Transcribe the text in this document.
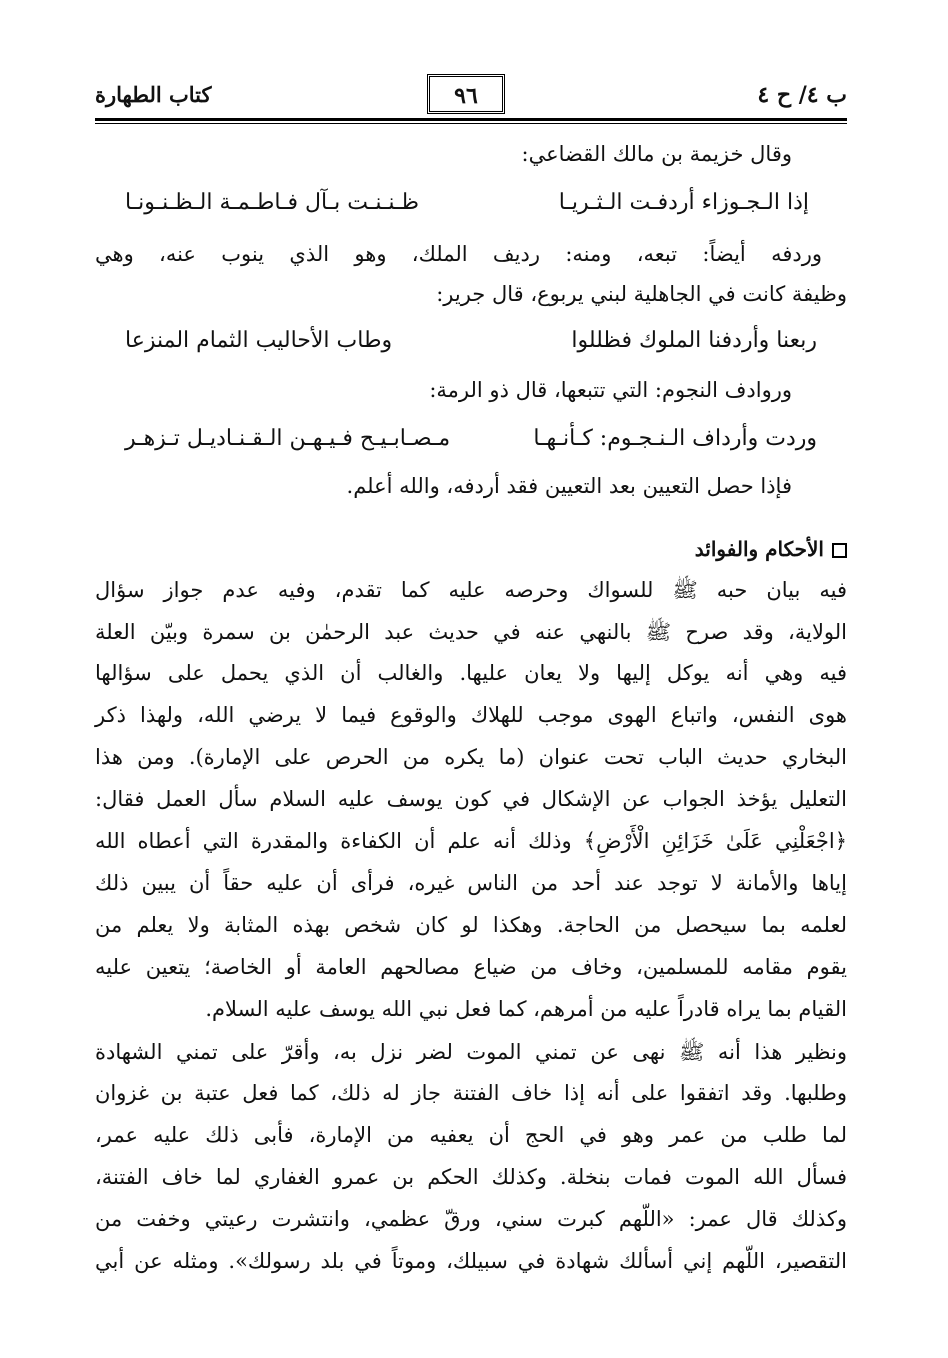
ب ٤/ ح ٤
٩٦
كتاب الطهارة
وقال خزيمة بن مالك القضاعي:
إذا الـجـوزاء أردفـت الـثـريـا
ظـنـنـت بـآل فـاطـمـة الـظـنـونـا
وردفه أيضاً: تبعه، ومنه: رديف الملك، وهو الذي ينوب عنه، وهي
وظيفة كانت في الجاهلية لبني يربوع، قال جرير:
ربعنا وأردفنا الملوك فظللوا
وطاب الأحاليب الثمام المنزعا
وروادف النجوم: التي تتبعها، قال ذو الرمة:
وردت وأرداف الـنـجـوم: كـأنـهـا
مـصـابـيـح فـيـهـن الـقـنـاديـل تـزهـر
فإذا حصل التعيين بعد التعيين فقد أردفه، والله أعلم.
الأحكام والفوائد
فيه بيان حبه ﷺ للسواك وحرصه عليه كما تقدم، وفيه عدم جواز سؤال
الولاية، وقد صرح ﷺ بالنهي عنه في حديث عبد الرحمٰن بن سمرة وبيّن العلة
فيه وهي أنه يوكل إليها ولا يعان عليها. والغالب أن الذي يحمل على سؤالها
هوى النفس، واتباع الهوى موجب للهلاك والوقوع فيما لا يرضي الله، ولهذا ذكر
البخاري حديث الباب تحت عنوان (ما يكره من الحرص على الإمارة). ومن هذا
التعليل يؤخذ الجواب عن الإشكال في كون يوسف عليه السلام سأل العمل فقال:
﴿اجْعَلْنِي عَلَىٰ خَزَائِنِ الْأَرْضِ﴾ وذلك أنه علم أن الكفاءة والمقدرة التي أعطاه الله
إياها والأمانة لا توجد عند أحد من الناس غيره، فرأى أن عليه حقاً أن يبين ذلك
لعلمه بما سيحصل من الحاجة. وهكذا لو كان شخص بهذه المثابة ولا يعلم من
يقوم مقامه للمسلمين، وخاف من ضياع مصالحهم العامة أو الخاصة؛ يتعين عليه
القيام بما يراه قادراً عليه من أمرهم، كما فعل نبي الله يوسف عليه السلام.
ونظير هذا أنه ﷺ نهى عن تمني الموت لضر نزل به، وأقرّ على تمني الشهادة
وطلبها. وقد اتفقوا على أنه إذا خاف الفتنة جاز له ذلك، كما فعل عتبة بن غزوان
لما طلب من عمر وهو في الحج أن يعفيه من الإمارة، فأبى ذلك عليه عمر،
فسأل الله الموت فمات بنخلة. وكذلك الحكم بن عمرو الغفاري لما خاف الفتنة،
وكذلك قال عمر: «اللّهم كبرت سني، ورقّ عظمي، وانتشرت رعيتي وخفت من
التقصير، اللّهم إني أسألك شهادة في سبيلك، وموتاً في بلد رسولك». ومثله عن أبي
